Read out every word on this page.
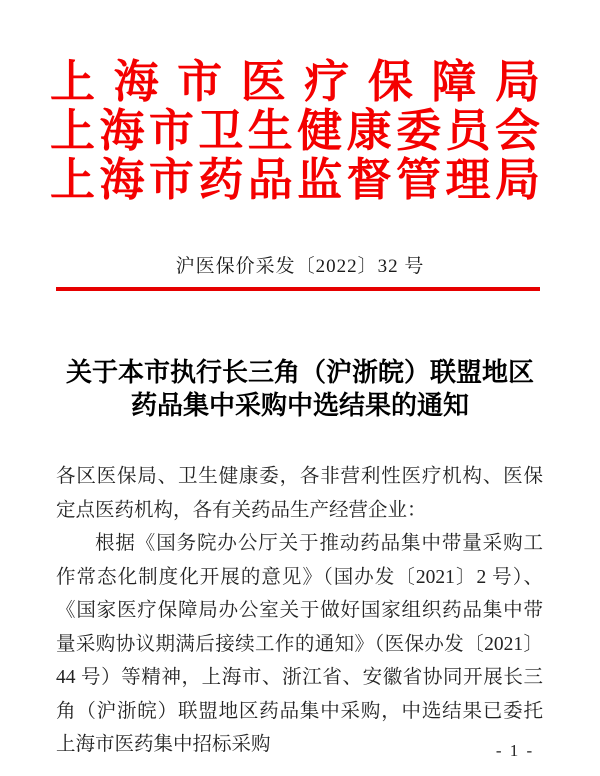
上 海 市 医 疗 保 障 局
上 海 市 卫 生 健 康 委 员 会
上 海 市 药 品 监 督 管 理 局
沪医保价采发〔2022〕32 号
关于本市执行长三角（沪浙皖）联盟地区
药品集中采购中选结果的通知

各区医保局、卫生健康委，各非营利性医疗机构、医保定点医药机构，各有关药品生产经营企业：

根据《国务院办公厅关于推动药品集中带量采购工作常态化制度化开展的意见》（国办发〔2021〕2 号）、《国家医疗保障局办公室关于做好国家组织药品集中带量采购协议期满后接续工作的通知》（医保办发〔2021〕44 号）等精神，上海市、浙江省、安徽省协同开展长三角（沪浙皖）联盟地区药品集中采购，中选结果已委托上海市医药集中招标采购	- 1 -
